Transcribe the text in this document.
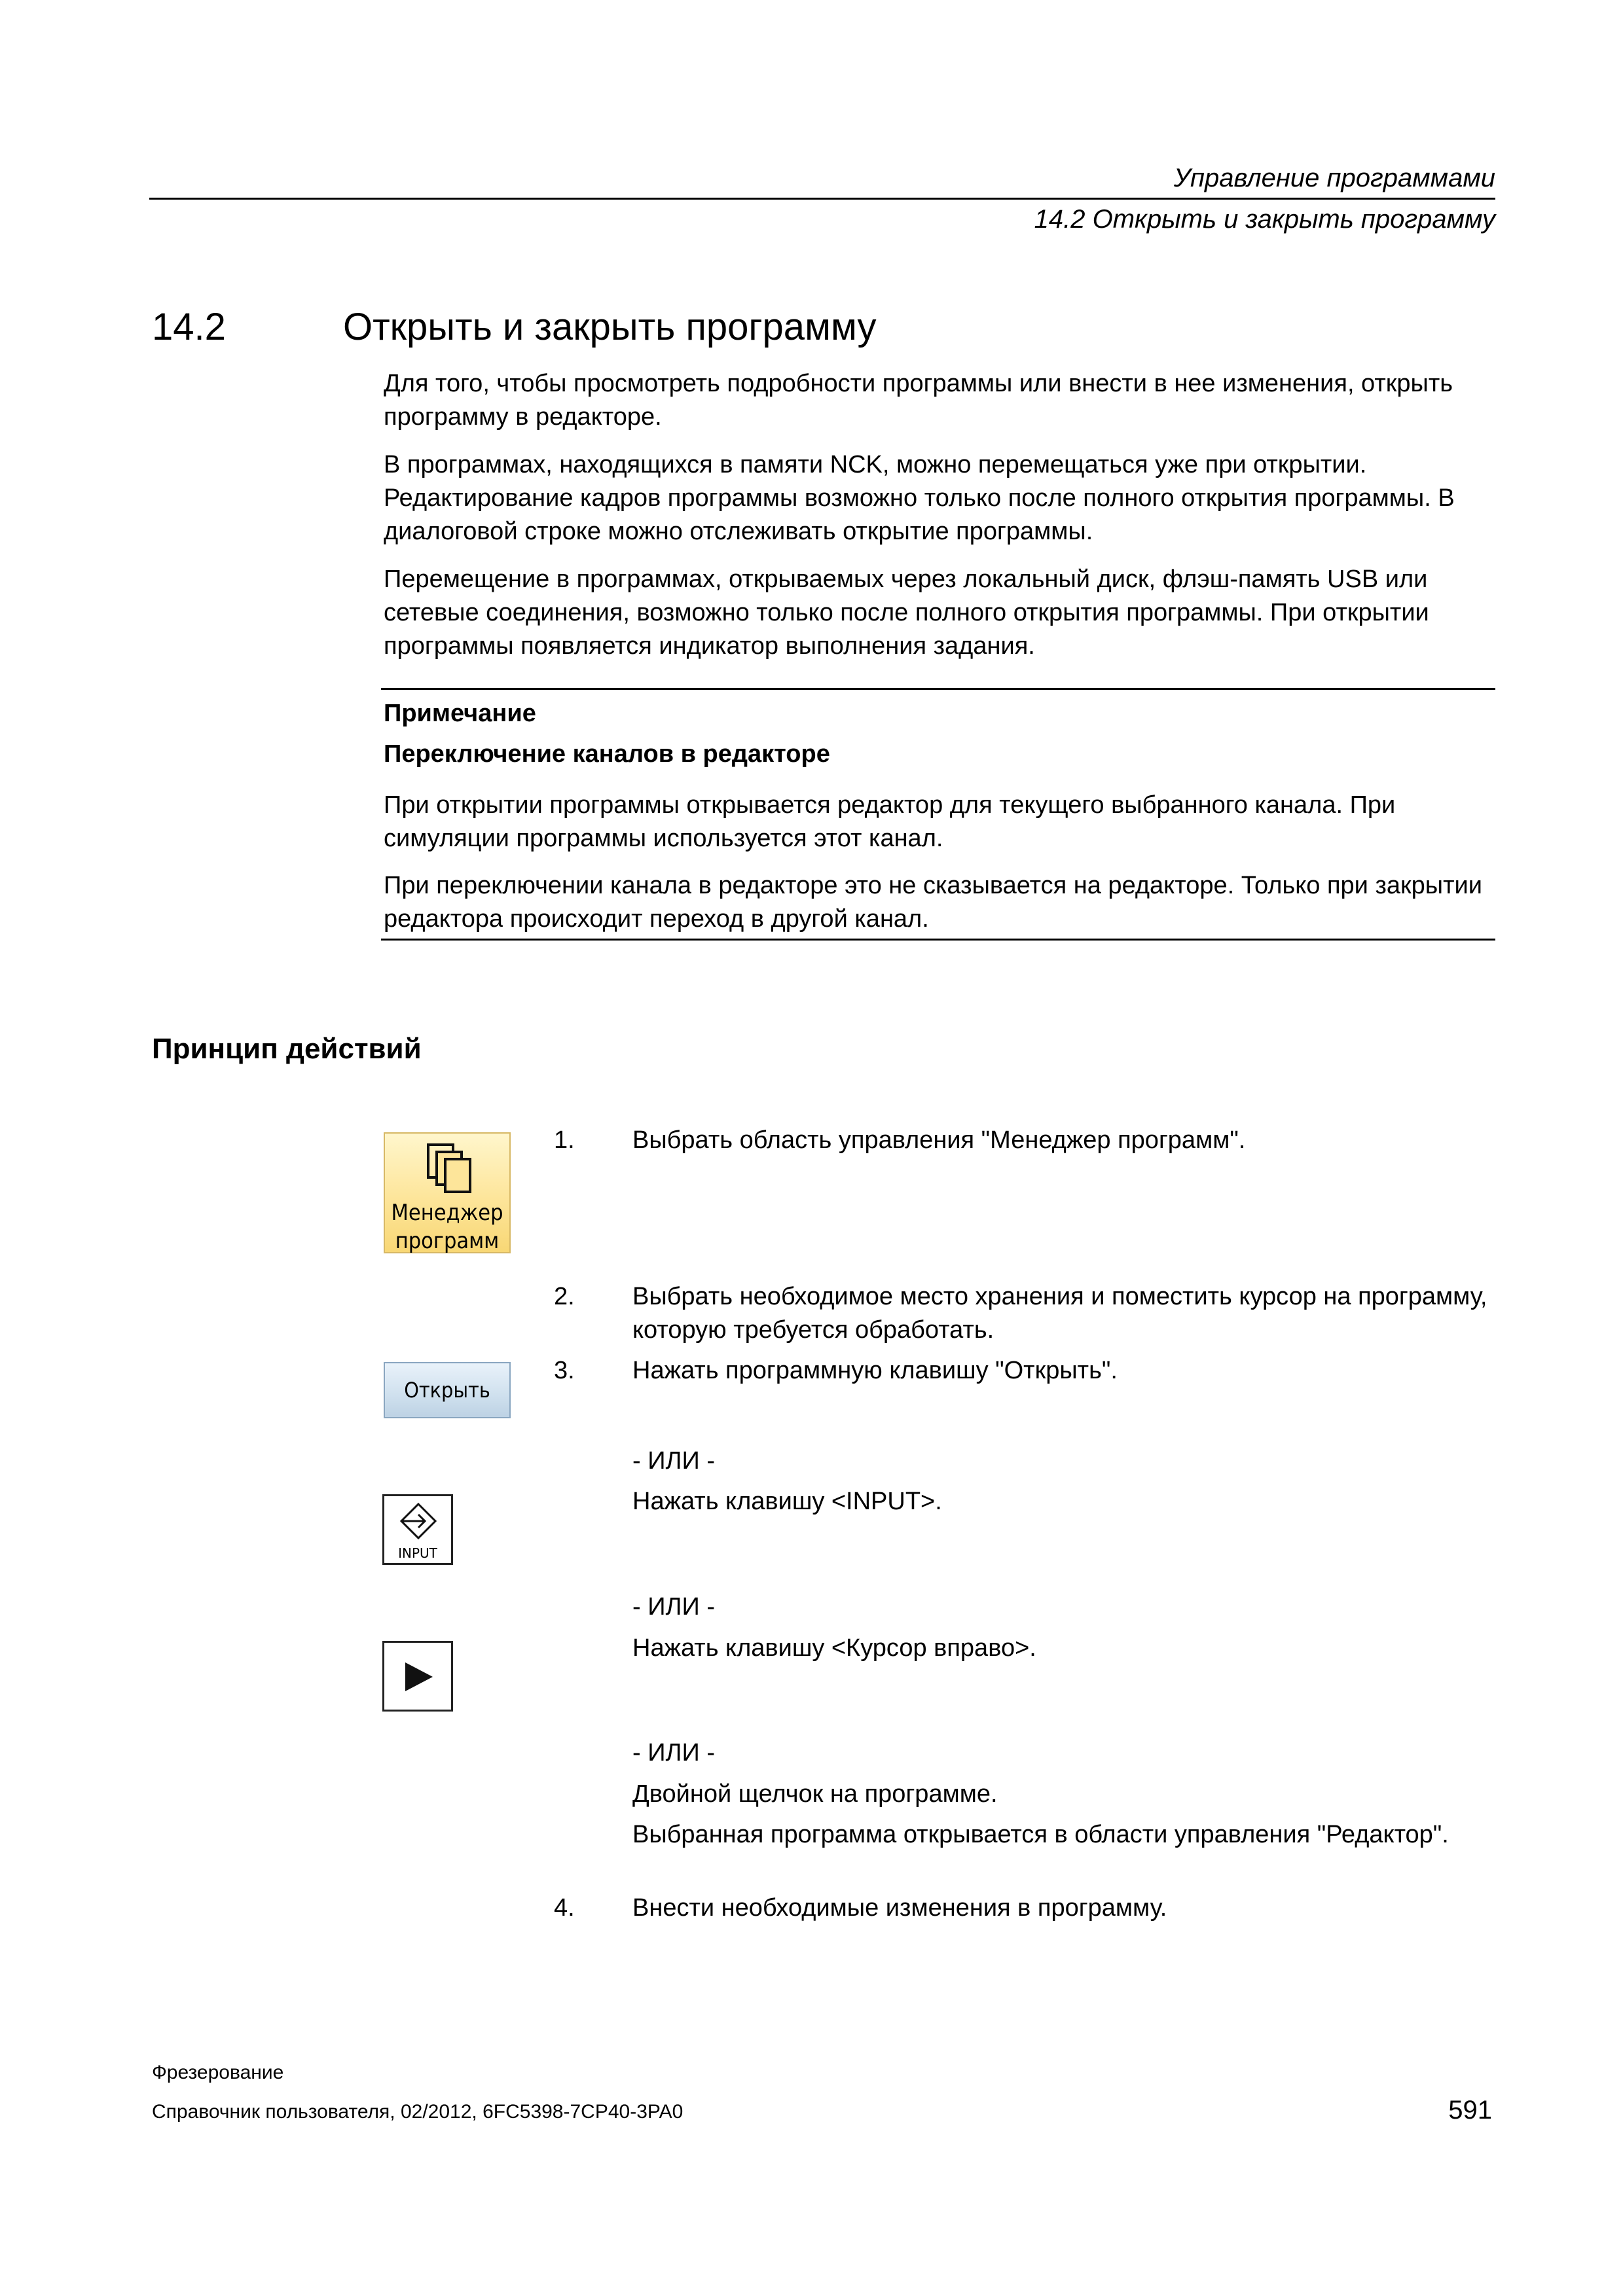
Управление программами
14.2 Открыть и закрыть программу
14.2	Открыть и закрыть программу
Для того, чтобы просмотреть подробности программы или внести в нее изменения, открыть программу в редакторе.
В программах, находящихся в памяти NCK, можно перемещаться уже при открытии. Редактирование кадров программы возможно только после полного открытия программы. В диалоговой строке можно отслеживать открытие программы.
Перемещение в программах, открываемых через локальный диск, флэш-память USB или сетевые соединения, возможно только после полного открытия программы. При открытии программы появляется индикатор выполнения задания.
Примечание
Переключение каналов в редакторе
При открытии программы открывается редактор для текущего выбранного канала. При симуляции программы используется этот канал.
При переключении канала в редакторе это не сказывается на редакторе. Только при закрытии редактора происходит переход в другой канал.
Принцип действий
Менеджер
программ
Открыть
INPUT
1. Выбрать область управления "Менеджер программ".
2. Выбрать необходимое место хранения и поместить курсор на программу, которую требуется обработать.
3. Нажать программную клавишу "Открыть".
- ИЛИ -
Нажать клавишу <INPUT>.
- ИЛИ -
Нажать клавишу <Курсор вправо>.
- ИЛИ -
Двойной щелчок на программе.
Выбранная программа открывается в области управления "Редактор".
4. Внести необходимые изменения в программу.
Фрезерование
Справочник пользователя, 02/2012, 6FC5398-7CP40-3PA0	591
